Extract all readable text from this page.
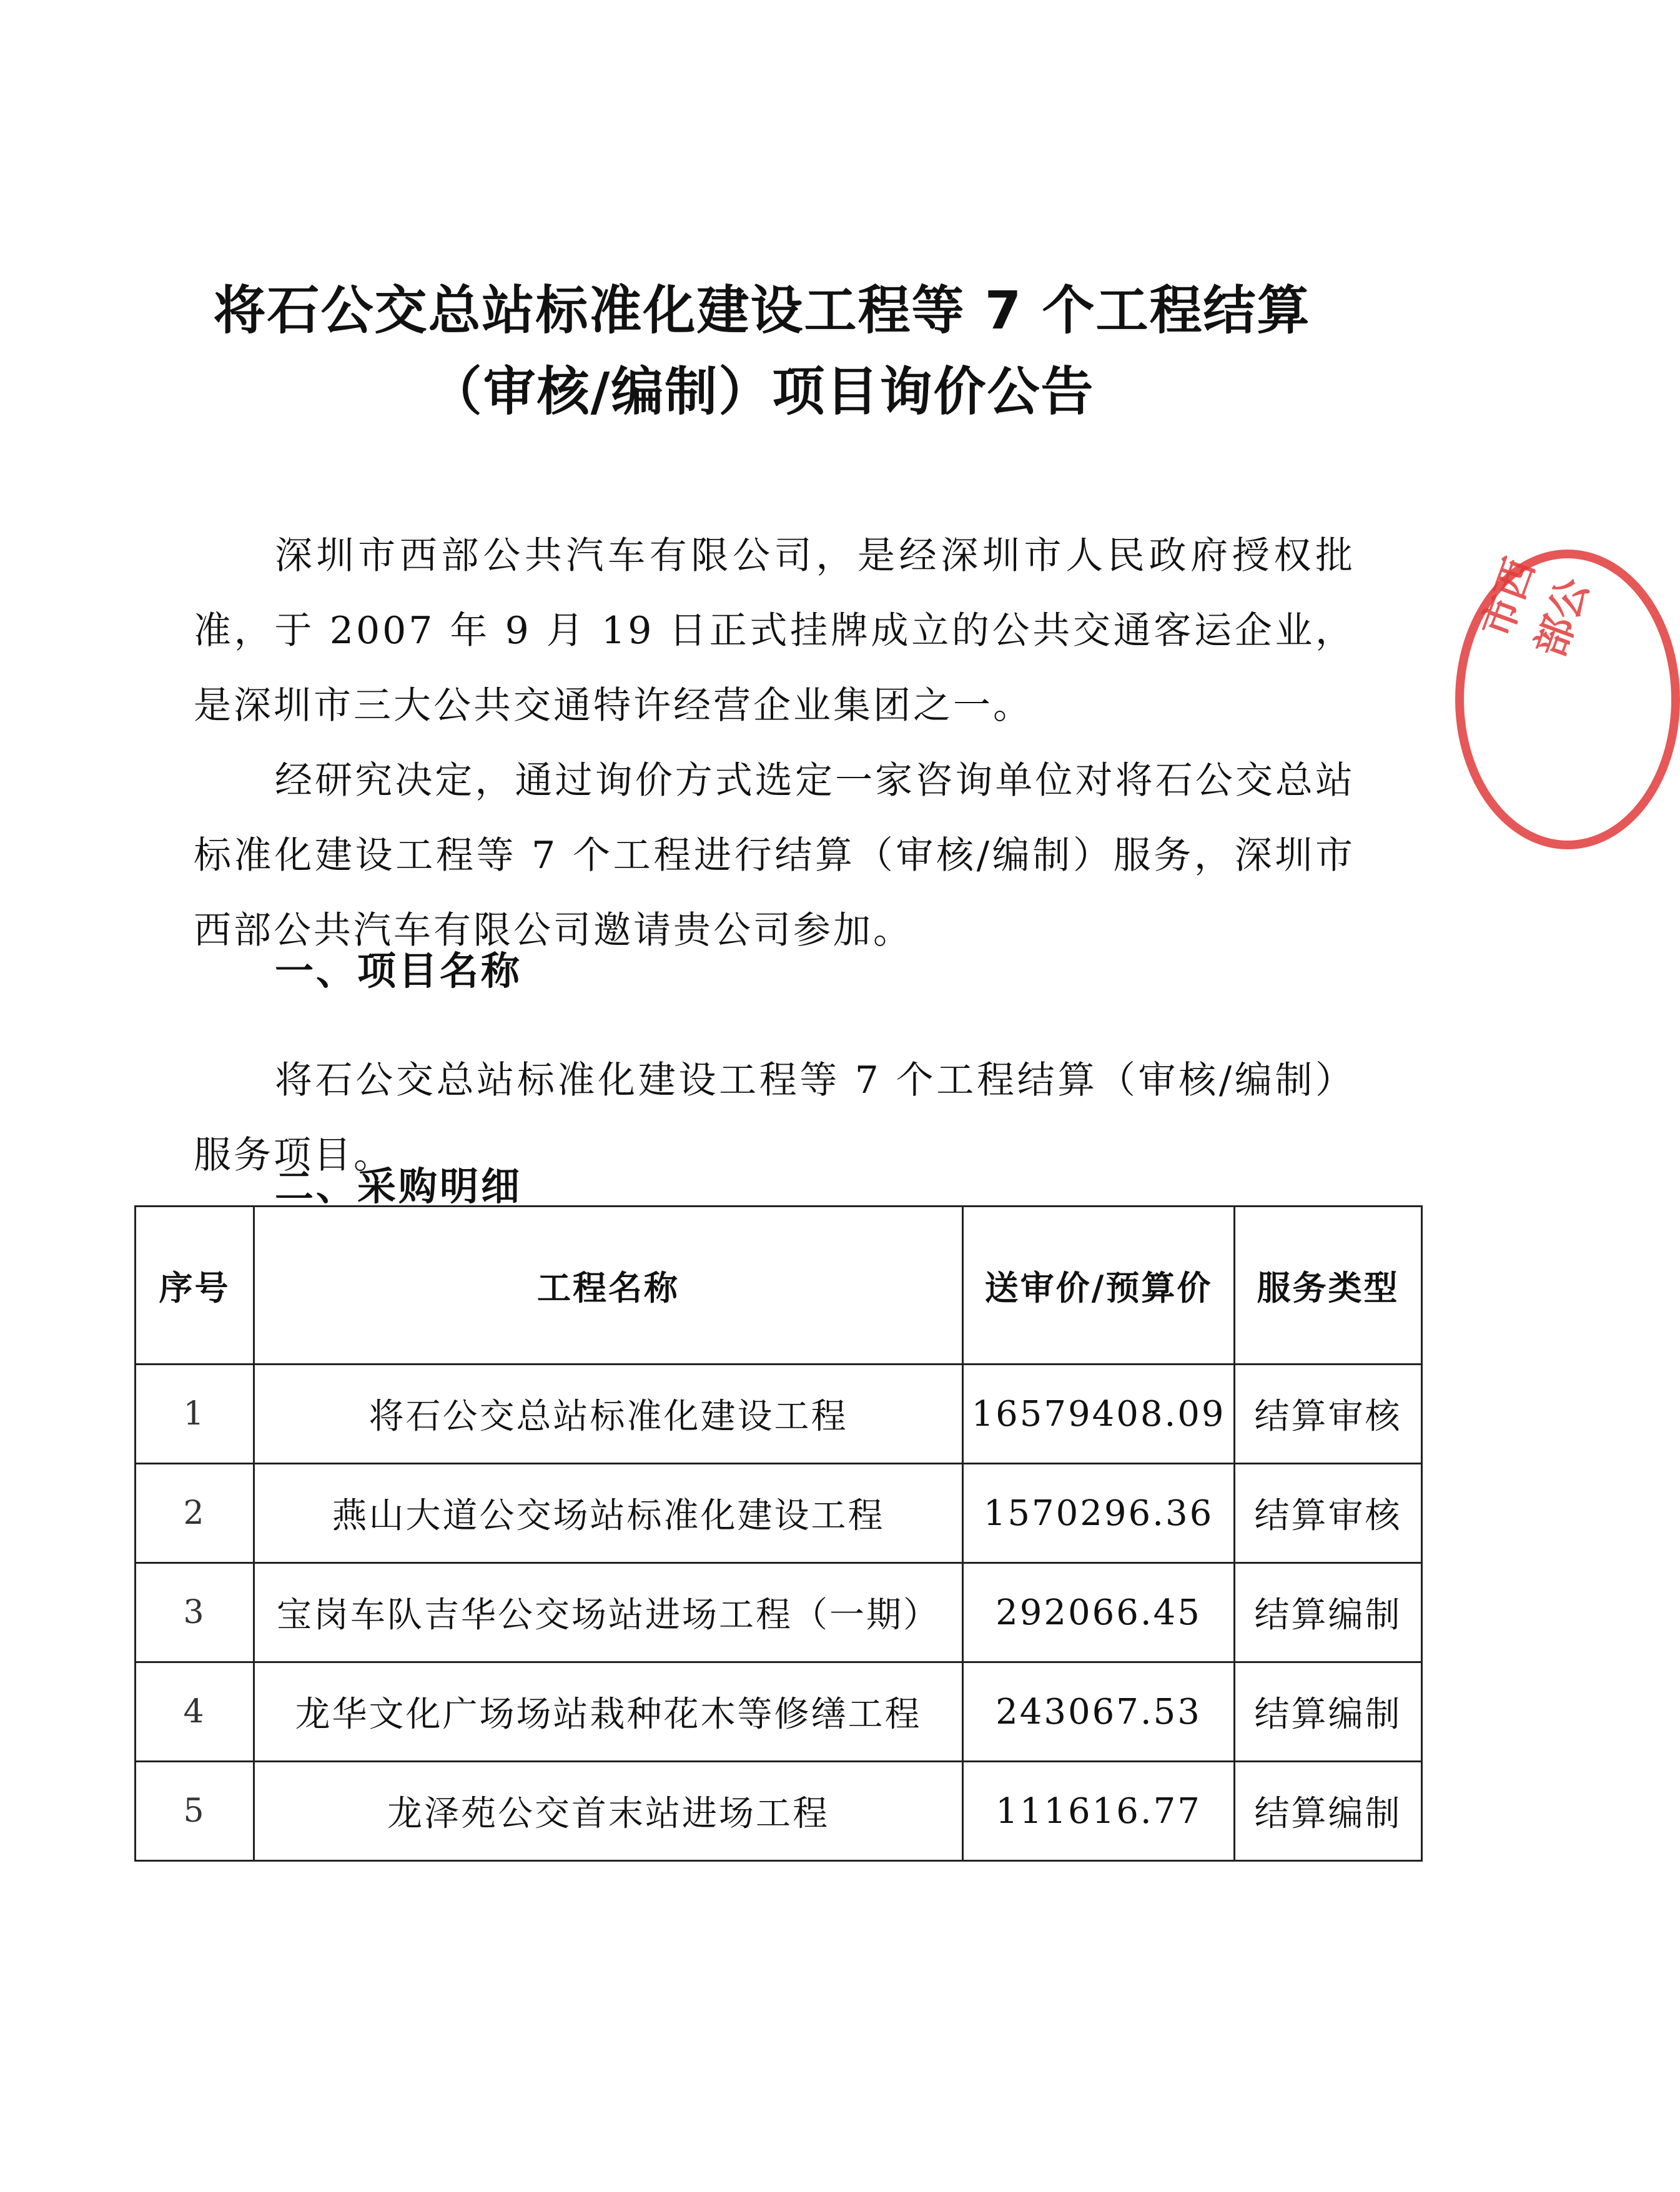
将石公交总站标准化建设工程等 7 个工程结算
（审核/编制）项目询价公告

深圳市西部公共汽车有限公司，是经深圳市人民政府授权批准，于 2007 年 9 月 19 日正式挂牌成立的公共交通客运企业，是深圳市三大公共交通特许经营企业集团之一。

经研究决定，通过询价方式选定一家咨询单位对将石公交总站标准化建设工程等 7 个工程进行结算（审核/编制）服务，深圳市西部公共汽车有限公司邀请贵公司参加。

一、项目名称

将石公交总站标准化建设工程等 7 个工程结算（审核/编制）服务项目。

二、采购明细
序号	工程名称	送审价/预算价	服务类型
1	将石公交总站标准化建设工程	16579408.09	结算审核
2	燕山大道公交场站标准化建设工程	1570296.36	结算审核
3	宝岗车队吉华公交场站进场工程（一期）	292066.45	结算编制
4	龙华文化广场场站栽种花木等修缮工程	243067.53	结算编制
5	龙泽苑公交首末站进场工程	111616.77	结算编制
市西部公
